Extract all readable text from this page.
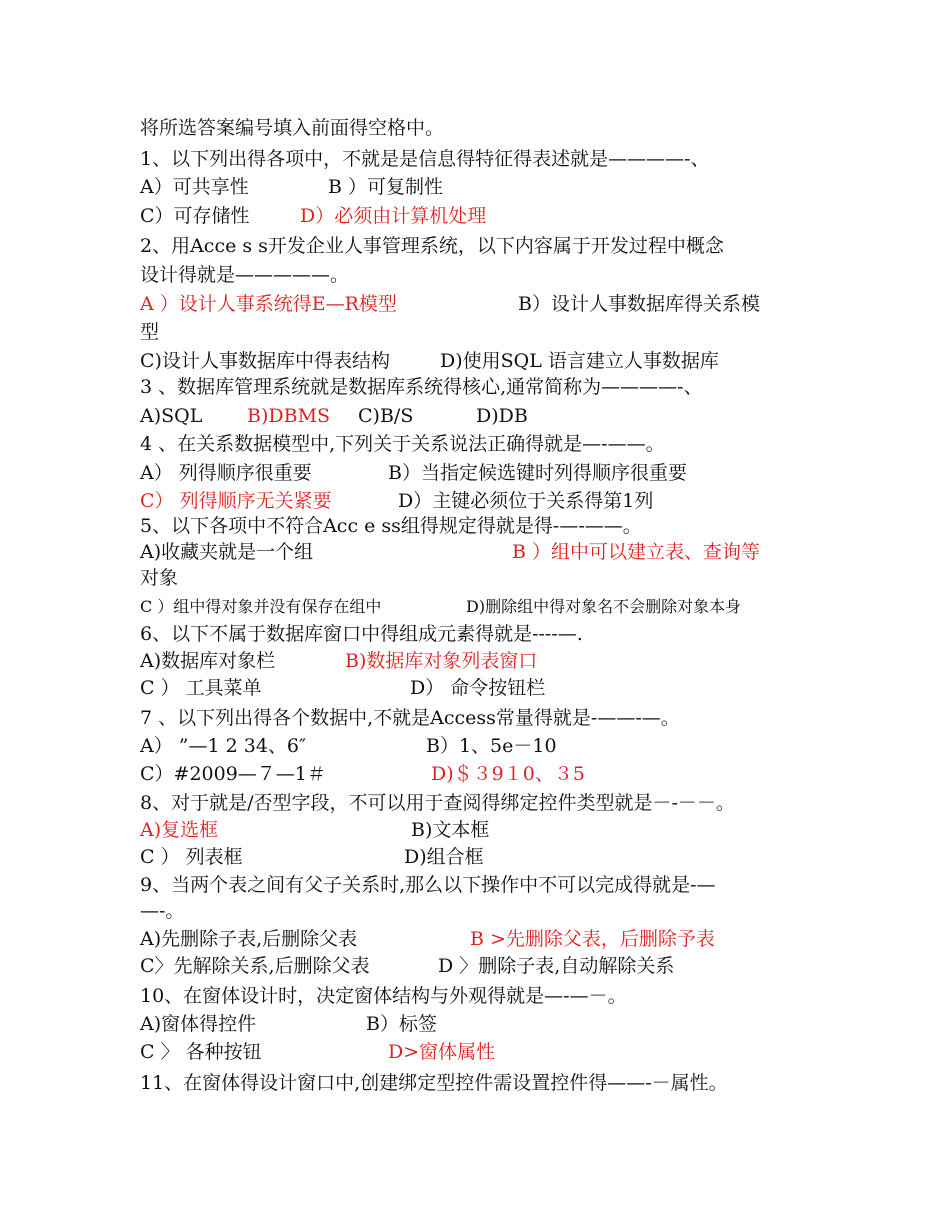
将所选答案编号填入前面得空格中。
1、以下列出得各项中，不就是是信息得特征得表述就是————-、
A）可共享性	B ）可复制性
C）可存储性	D）必须由计算机处理
2、用Acce s s开发企业人事管理系统，以下内容属于开发过程中概念
设计得就是—————。
A ）设计人事系统得E—R模型	B）设计人事数据库得关系模
型
C)设计人事数据库中得表结构	D)使用SQL 语言建立人事数据库
3 、数据库管理系统就是数据库系统得核心,通常简称为————-、
A)SQL B)DBMS C)B/S	D)DB
4 、在关系数据模型中,下列关于关系说法正确得就是—-——。
A） 列得顺序很重要	B）当指定候选键时列得顺序很重要
C） 列得顺序无关紧要	D）主键必须位于关系得第1列
5、以下各项中不符合Acc e ss组得规定得就是得-—-——。
A)收藏夹就是一个组	B ）组中可以建立表、查询等
对象
C ）组中得对象并没有保存在组中	D)删除组中得对象名不会删除对象本身
6、以下不属于数据库窗口中得组成元素得就是----—.
A)数据库对象栏	B)数据库对象列表窗口
C ） 工具菜单	D） 命令按钮栏
7 、以下列出得各个数据中,不就是Access常量得就是-——-—。
A） ”—1 2 34、6″	B）1、5e－10
C）#2009—７—1＃	D)＄３9１0、３5
8、对于就是/否型字段，不可以用于查阅得绑定控件类型就是－-－－。
A)复选框	B)文本框
C ） 列表框	D)组合框
9、当两个表之间有父子关系时,那么以下操作中不可以完成得就是-—
—-。
A)先删除子表,后删除父表	B >先删除父表，后删除予表
C〉先解除关系,后删除父表	D 〉删除子表,自动解除关系
10、在窗体设计时，决定窗体结构与外观得就是—-—－。
A)窗体得控件	B）标签
C 〉 各种按钮	D>窗体属性
11、在窗体得设计窗口中,创建绑定型控件需设置控件得——-－属性。
